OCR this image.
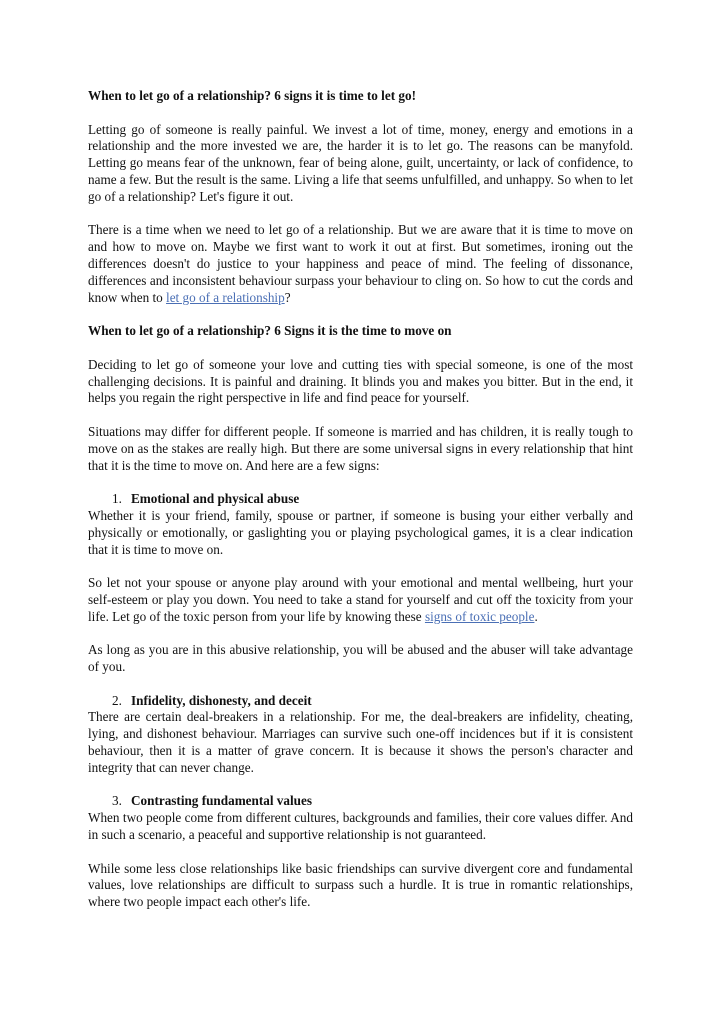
When to let go of a relationship? 6 signs it is time to let go!

Letting go of someone is really painful. We invest a lot of time, money, energy and emotions in a relationship and the more invested we are, the harder it is to let go. The reasons can be manyfold. Letting go means fear of the unknown, fear of being alone, guilt, uncertainty, or lack of confidence, to name a few. But the result is the same. Living a life that seems unfulfilled, and unhappy. So when to let go of a relationship? Let's figure it out.

There is a time when we need to let go of a relationship. But we are aware that it is time to move on and how to move on. Maybe we first want to work it out at first. But sometimes, ironing out the differences doesn't do justice to your happiness and peace of mind. The feeling of dissonance, differences and inconsistent behaviour surpass your behaviour to cling on. So how to cut the cords and know when to let go of a relationship?

When to let go of a relationship? 6 Signs it is the time to move on

Deciding to let go of someone your love and cutting ties with special someone, is one of the most challenging decisions. It is painful and draining. It blinds you and makes you bitter. But in the end, it helps you regain the right perspective in life and find peace for yourself.

Situations may differ for different people. If someone is married and has children, it is really tough to move on as the stakes are really high. But there are some universal signs in every relationship that hint that it is the time to move on. And here are a few signs:

1. Emotional and physical abuse

Whether it is your friend, family, spouse or partner, if someone is busing your either verbally and physically or emotionally, or gaslighting you or playing psychological games, it is a clear indication that it is time to move on.

So let not your spouse or anyone play around with your emotional and mental wellbeing, hurt your self-esteem or play you down. You need to take a stand for yourself and cut off the toxicity from your life. Let go of the toxic person from your life by knowing these signs of toxic people.

As long as you are in this abusive relationship, you will be abused and the abuser will take advantage of you.

2. Infidelity, dishonesty, and deceit

There are certain deal-breakers in a relationship. For me, the deal-breakers are infidelity, cheating, lying, and dishonest behaviour. Marriages can survive such one-off incidences but if it is consistent behaviour, then it is a matter of grave concern. It is because it shows the person's character and integrity that can never change.

3. Contrasting fundamental values

When two people come from different cultures, backgrounds and families, their core values differ. And in such a scenario, a peaceful and supportive relationship is not guaranteed.

While some less close relationships like basic friendships can survive divergent core and fundamental values, love relationships are difficult to surpass such a hurdle. It is true in romantic relationships, where two people impact each other's life.
